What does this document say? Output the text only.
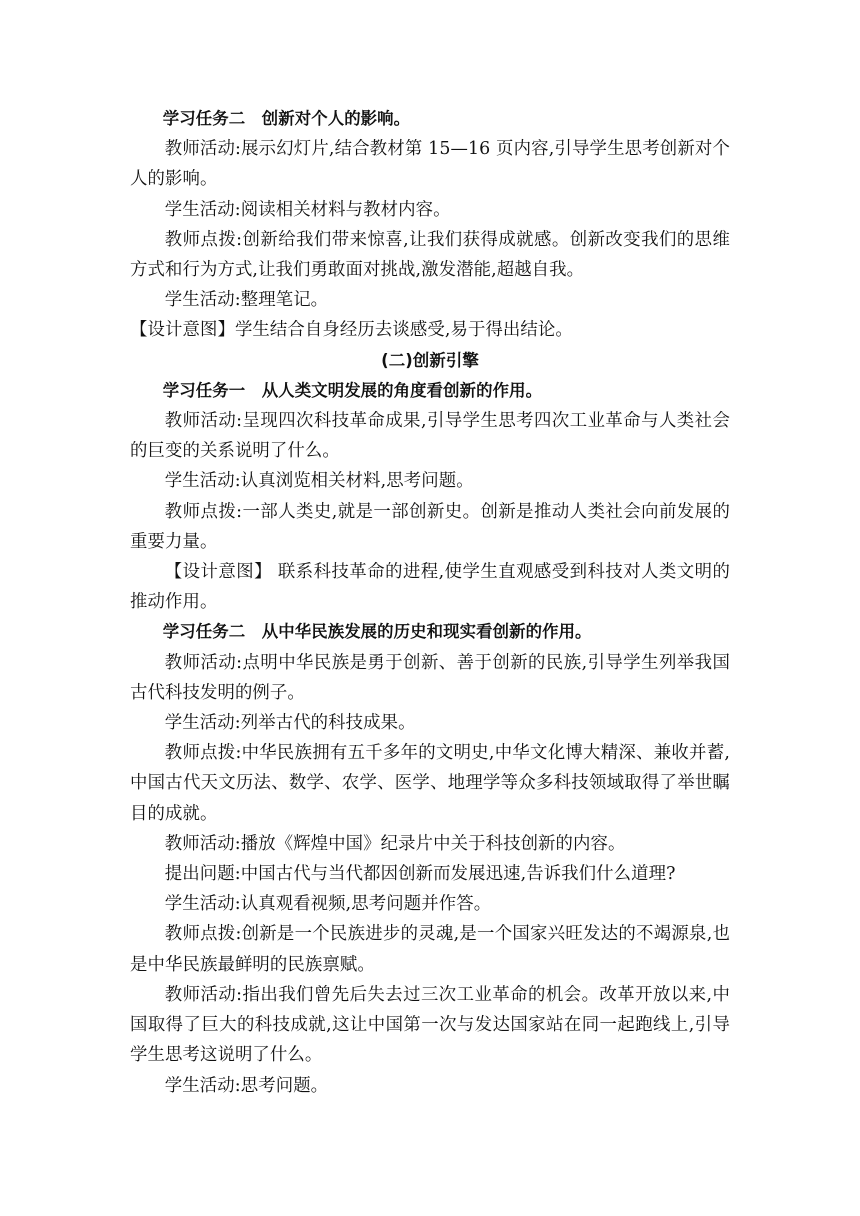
学习任务二　创新对个人的影响。

教师活动:展示幻灯片,结合教材第 15—16 页内容,引导学生思考创新对个人的影响。

学生活动:阅读相关材料与教材内容。

教师点拨:创新给我们带来惊喜,让我们获得成就感。创新改变我们的思维方式和行为方式,让我们勇敢面对挑战,激发潜能,超越自我。

学生活动:整理笔记。

【设计意图】学生结合自身经历去谈感受,易于得出结论。

(二)创新引擎

学习任务一　从人类文明发展的角度看创新的作用。

教师活动:呈现四次科技革命成果,引导学生思考四次工业革命与人类社会的巨变的关系说明了什么。

学生活动:认真浏览相关材料,思考问题。

教师点拨:一部人类史,就是一部创新史。创新是推动人类社会向前发展的重要力量。

【设计意图】 联系科技革命的进程,使学生直观感受到科技对人类文明的推动作用。

学习任务二　从中华民族发展的历史和现实看创新的作用。

教师活动:点明中华民族是勇于创新、善于创新的民族,引导学生列举我国古代科技发明的例子。

学生活动:列举古代的科技成果。

教师点拨:中华民族拥有五千多年的文明史,中华文化博大精深、兼收并蓄,中国古代天文历法、数学、农学、医学、地理学等众多科技领域取得了举世瞩目的成就。

教师活动:播放《辉煌中国》纪录片中关于科技创新的内容。

提出问题:中国古代与当代都因创新而发展迅速,告诉我们什么道理?

学生活动:认真观看视频,思考问题并作答。

教师点拨:创新是一个民族进步的灵魂,是一个国家兴旺发达的不竭源泉,也是中华民族最鲜明的民族禀赋。

教师活动:指出我们曾先后失去过三次工业革命的机会。改革开放以来,中国取得了巨大的科技成就,这让中国第一次与发达国家站在同一起跑线上,引导学生思考这说明了什么。

学生活动:思考问题。
